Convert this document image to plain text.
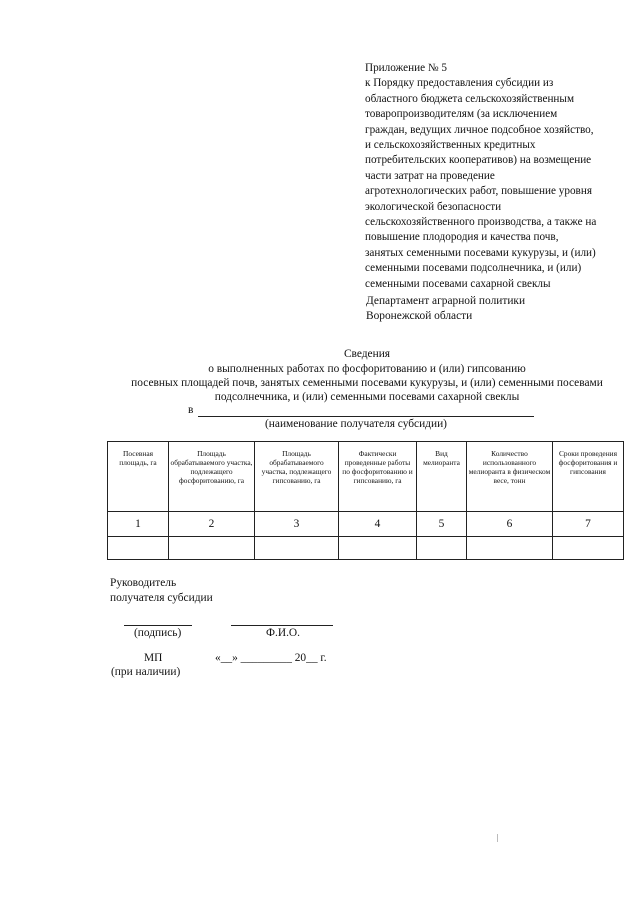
Приложение № 5
к Порядку предоставления субсидии из
областного бюджета сельскохозяйственным
товаропроизводителям (за исключением
граждан, ведущих личное подсобное хозяйство,
и сельскохозяйственных кредитных
потребительских кооперативов) на возмещение
части затрат на проведение
агротехнологических работ, повышение уровня
экологической безопасности
сельскохозяйственного производства, а также на
повышение плодородия и качества почв,
занятых семенными посевами кукурузы, и (или)
семенными посевами подсолнечника, и (или)
семенными посевами сахарной свеклы
Департамент аграрной политики
Воронежской области
Сведения
о выполненных работах по фосфоритованию и (или) гипсованию
посевных площадей почв, занятых семенными посевами кукурузы, и (или) семенными посевами
подсолнечника, и (или) семенными посевами сахарной свеклы
в
(наименование получателя субсидии)
Посевная площадь, га	Площадь обрабатываемого участка, подлежащего фосфоритованию, га	Площадь обрабатываемого участка, подлежащего гипсованию, га	Фактически проведенные работы по фосфоритованию и гипсованию, га	Вид мелиоранта	Количество использованного мелиоранта в физическом весе, тонн	Сроки проведения фосфоритования и гипсования
1	2	3	4	5	6	7

Руководитель
получателя субсидии
(подпись)	Ф.И.О.
МП	«__» _________ 20__ г.
(при наличии)
